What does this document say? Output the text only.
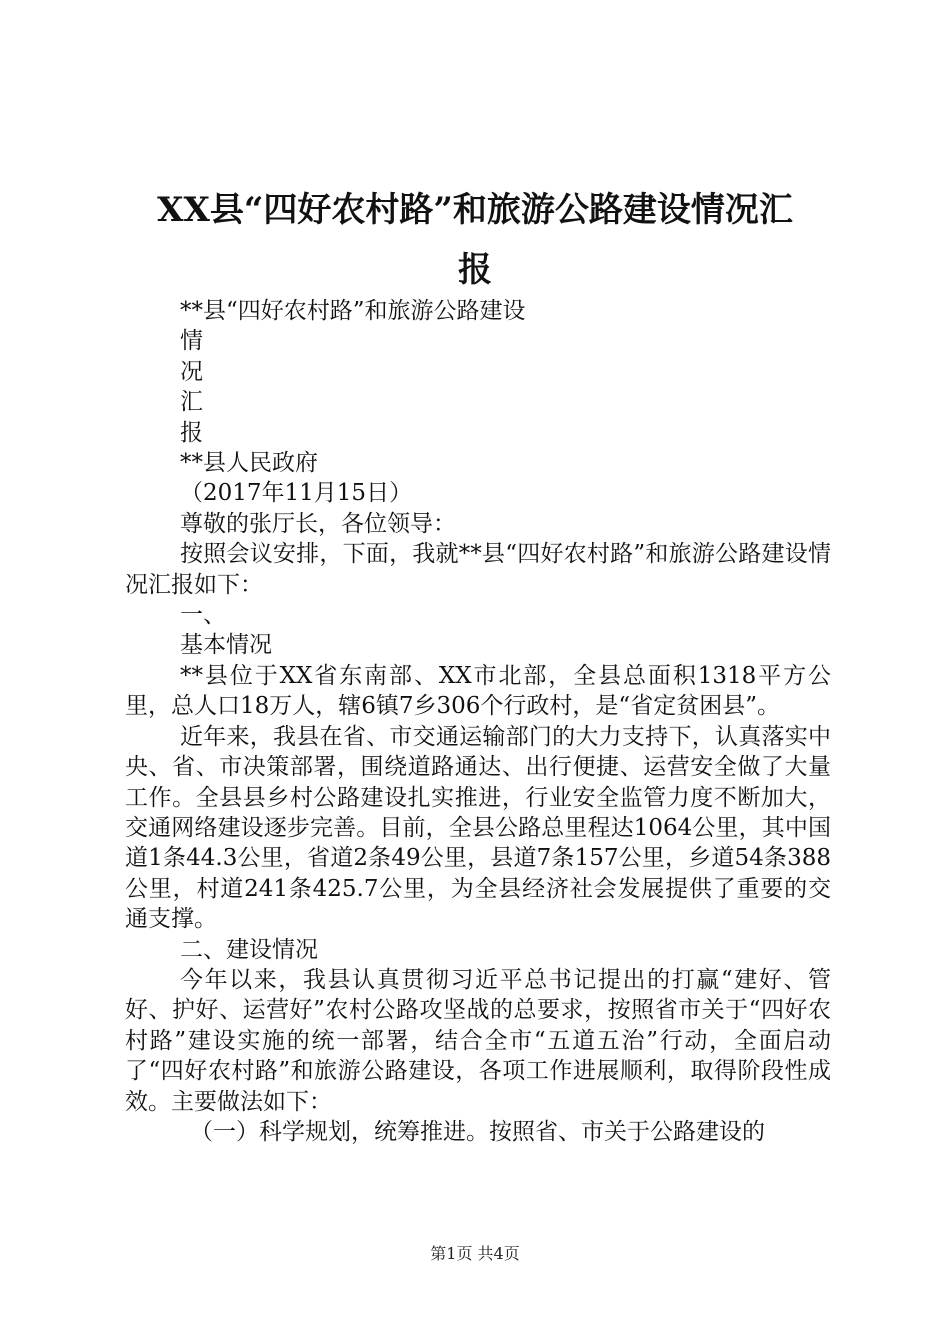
XX县“四好农村路”和旅游公路建设情况汇
报

**县“四好农村路”和旅游公路建设

情

况

汇

报

**县人民政府

（2017年11月15日）

尊敬的张厅长，各位领导：

按照会议安排，下面，我就**县“四好农村路”和旅游公路建设情况汇报如下：

一、

基本情况

**县位于XX省东南部、XX市北部，全县总面积1318平方公里，总人口18万人，辖6镇7乡306个行政村，是“省定贫困县”。

近年来，我县在省、市交通运输部门的大力支持下，认真落实中央、省、市决策部署，围绕道路通达、出行便捷、运营安全做了大量工作。全县县乡村公路建设扎实推进，行业安全监管力度不断加大，交通网络建设逐步完善。目前，全县公路总里程达1064公里，其中国道1条44.3公里，省道2条49公里，县道7条157公里，乡道54条388公里，村道241条425.7公里，为全县经济社会发展提供了重要的交通支撑。

二、建设情况

今年以来，我县认真贯彻习近平总书记提出的打赢“建好、管好、护好、运营好”农村公路攻坚战的总要求，按照省市关于“四好农村路”建设实施的统一部署，结合全市“五道五治”行动，全面启动了“四好农村路”和旅游公路建设，各项工作进展顺利，取得阶段性成效。主要做法如下：

（一）科学规划，统筹推进。按照省、市关于公路建设的

第1页 共4页
